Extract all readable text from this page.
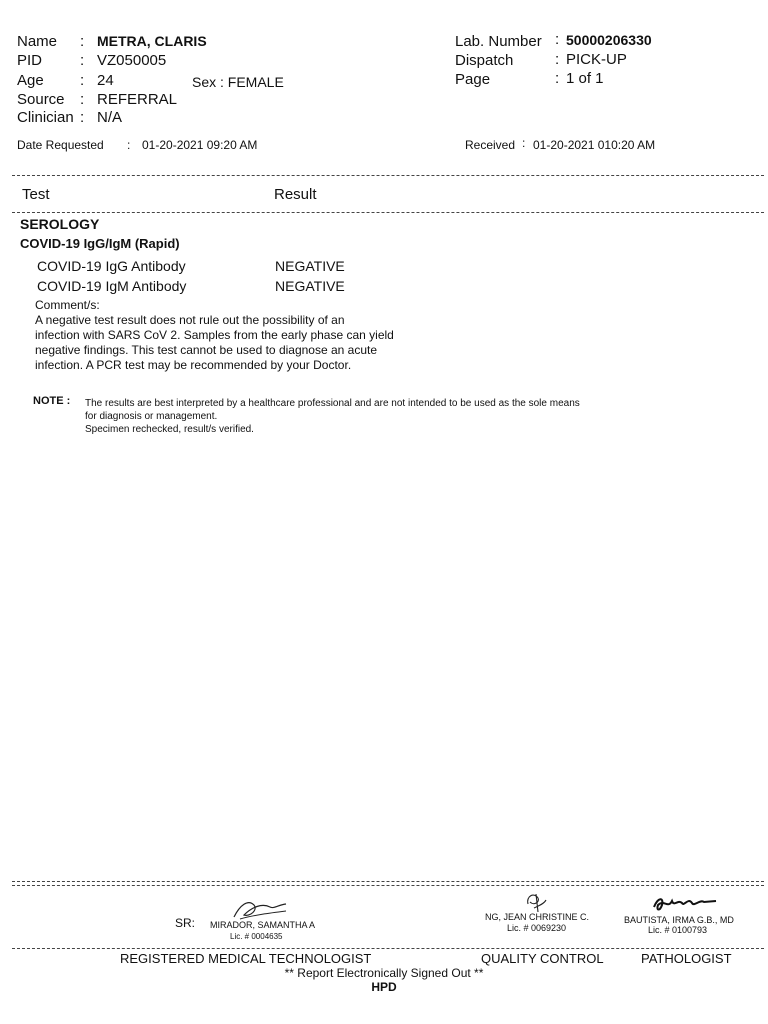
Name : METRA, CLARIS
PID	: VZ050005
Age : 24	Sex : FEMALE
Source : REFERRAL
Clinician : N/A
Lab. Number : 50000206330
Dispatch	: PICK-UP
Page	: 1 of 1
Date Requested : 01-20-2021 09:20 AM	Received : 01-20-2021 010:20 AM
Test	Result
SEROLOGY
COVID-19 IgG/IgM (Rapid)
COVID-19 IgG Antibody	NEGATIVE
COVID-19 IgM Antibody	NEGATIVE
Comment/s:
A negative test result does not rule out the possibility of an
infection with SARS CoV 2. Samples from the early phase can yield
negative findings. This test cannot be used to diagnose an acute
infection. A PCR test may be recommended by your Doctor.
NOTE : The results are best interpreted by a healthcare professional and are not intended to be used as the sole means
for diagnosis or management.
Specimen rechecked, result/s verified.
SR: MIRADOR, SAMANTHA A
Lic. # 0004635
NG, JEAN CHRISTINE C.
Lic. # 0069230
BAUTISTA, IRMA G.B., MD
Lic. # 0100793
REGISTERED MEDICAL TECHNOLOGIST	QUALITY CONTROL	PATHOLOGIST
** Report Electronically Signed Out **
HPD
